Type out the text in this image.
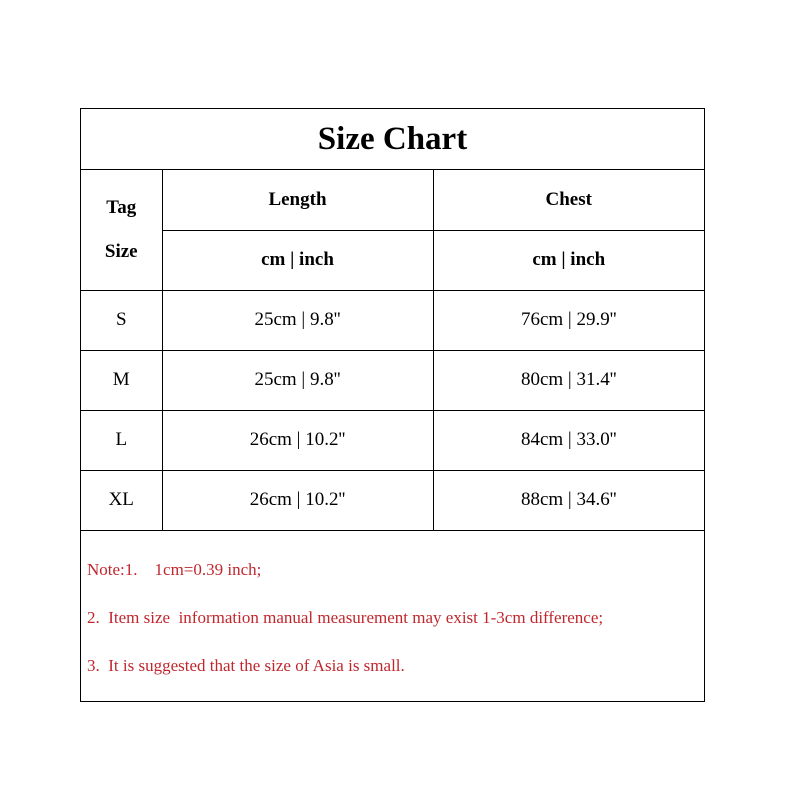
Size Chart
Tag
Size	Length	Chest
	cm | inch	cm | inch
S	25cm | 9.8''	76cm | 29.9''
M	25cm | 9.8''	80cm | 31.4''
L	26cm | 10.2''	84cm | 33.0''
XL	26cm | 10.2''	88cm | 34.6''
Note:1.    1cm=0.39 inch;
2.  Item size  information manual measurement may exist 1-3cm difference;
3.  It is suggested that the size of Asia is small.
